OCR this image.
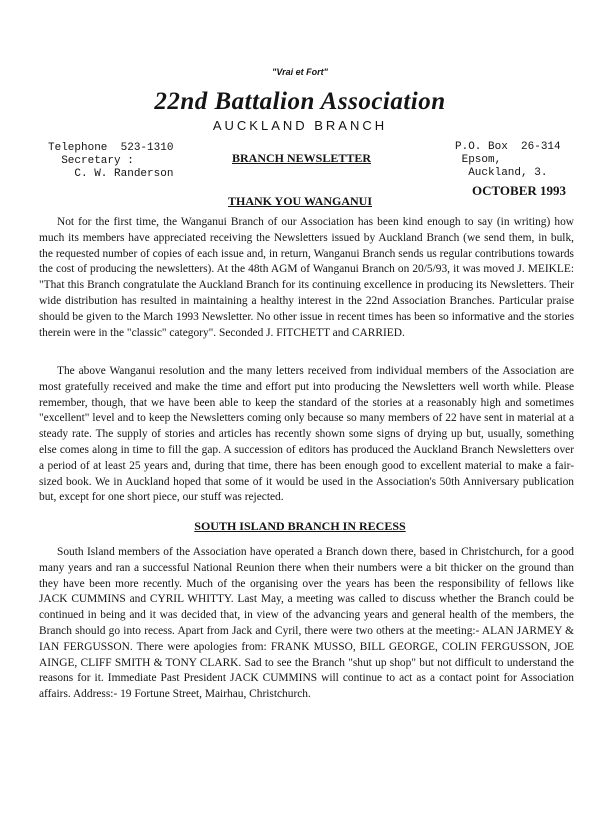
"Vrai et Fort"
22nd Battalion Association
AUCKLAND BRANCH
Telephone  523-1310
Secretary :
C. W. Randerson
BRANCH NEWSLETTER
P.O. Box  26-314
Epsom,
Auckland, 3.
OCTOBER 1993
THANK YOU WANGANUI

Not for the first time, the Wanganui Branch of our Association has been kind enough to say (in writing) how much its members have appreciated receiving the Newsletters issued by Auckland Branch (we send them, in bulk, the requested number of copies of each issue and, in return, Wanganui Branch sends us regular contributions towards the cost of producing the newsletters). At the 48th AGM of Wanganui Branch on 20/5/93, it was moved J. MEIKLE: "That this Branch congratulate the Auckland Branch for its continuing excellence in producing its Newsletters. Their wide distribution has resulted in maintaining a healthy interest in the 22nd Association Branches. Particular praise should be given to the March 1993 Newsletter. No other issue in recent times has been so informative and the stories therein were in the "classic" category". Seconded J. FITCHETT and CARRIED.

The above Wanganui resolution and the many letters received from individual members of the Association are most gratefully received and make the time and effort put into producing the Newsletters well worth while. Please remember, though, that we have been able to keep the standard of the stories at a reasonably high and sometimes "excellent" level and to keep the Newsletters coming only because so many members of 22 have sent in material at a steady rate. The supply of stories and articles has recently shown some signs of drying up but, usually, something else comes along in time to fill the gap. A succession of editors has produced the Auckland Branch Newsletters over a period of at least 25 years and, during that time, there has been enough good to excellent material to make a fair-sized book. We in Auckland hoped that some of it would be used in the Association's 50th Anniversary publication but, except for one short piece, our stuff was rejected.

SOUTH ISLAND BRANCH IN RECESS

South Island members of the Association have operated a Branch down there, based in Christchurch, for a good many years and ran a successful National Reunion there when their numbers were a bit thicker on the ground than they have been more recently. Much of the organising over the years has been the responsibility of fellows like JACK CUMMINS and CYRIL WHITTY. Last May, a meeting was called to discuss whether the Branch could be continued in being and it was decided that, in view of the advancing years and general health of the members, the Branch should go into recess. Apart from Jack and Cyril, there were two others at the meeting:- ALAN JARMEY & IAN FERGUSSON. There were apologies from: FRANK MUSSO, BILL GEORGE, COLIN FERGUSSON, JOE AINGE, CLIFF SMITH & TONY CLARK. Sad to see the Branch "shut up shop" but not difficult to understand the reasons for it. Immediate Past President JACK CUMMINS will continue to act as a contact point for Association affairs. Address:- 19 Fortune Street, Mairhau, Christchurch.
